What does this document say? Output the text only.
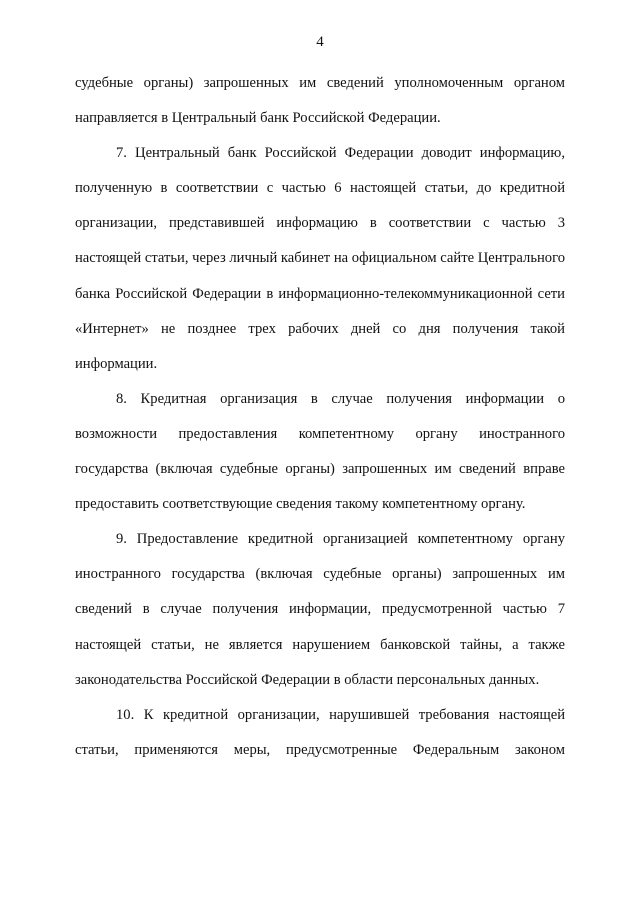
4

судебные органы) запрошенных им сведений уполномоченным органом направляется в Центральный банк Российской Федерации.

7. Центральный банк Российской Федерации доводит информацию, полученную в соответствии с частью 6 настоящей статьи, до кредитной организации, представившей информацию в соответствии с частью 3 настоящей статьи, через личный кабинет на официальном сайте Центрального банка Российской Федерации в информационно-телекоммуникационной сети «Интернет» не позднее трех рабочих дней со дня получения такой информации.

8. Кредитная организация в случае получения информации о возможности предоставления компетентному органу иностранного государства (включая судебные органы) запрошенных им сведений вправе предоставить соответствующие сведения такому компетентному органу.

9. Предоставление кредитной организацией компетентному органу иностранного государства (включая судебные органы) запрошенных им сведений в случае получения информации, предусмотренной частью 7 настоящей статьи, не является нарушением банковской тайны, а также законодательства Российской Федерации в области персональных данных.

10. К кредитной организации, нарушившей требования настоящей статьи, применяются меры, предусмотренные Федеральным законом
